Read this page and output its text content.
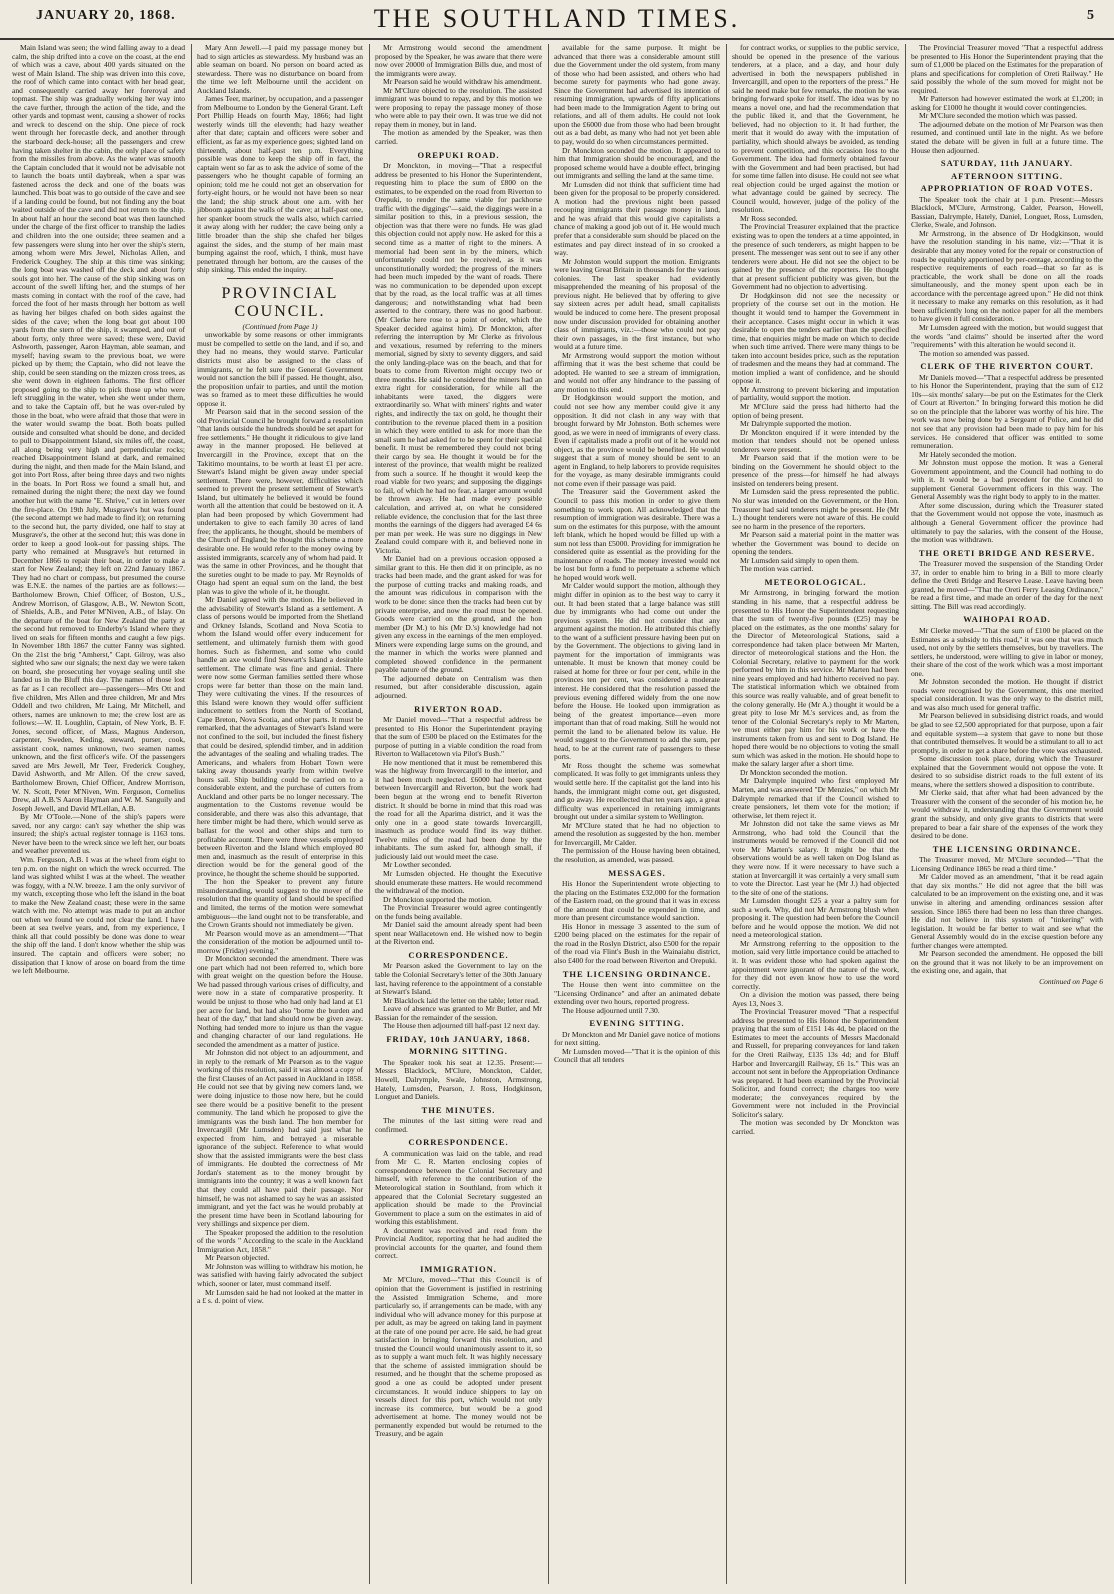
JANUARY 20, 1868.	THE SOUTHLAND TIMES.	5

Main Island was seen; the wind falling away to a dead calm, the ship drifted into a cove on the coast, at the end of which was a cave, about 400 yards situated on the west of Main Island. The ship was driven into this cove, the roof of which came into contact with her head gear, and consequently carried away her foreroyal and topmast. The ship was gradually working her way into the cave further, through the action of the tide, and the other yards and topmast went, causing a shower of rocks and wreck to descend on the ship. One piece of rock went through her forecastle deck, and another through the starboard deck-house; all the passengers and crew having taken shelter in the cabin, the only place of safety from the missiles from above. As the water was smooth the Captain concluded that it would not be advisable not to launch the boats until daybreak, when a spar was fastened across the deck and one of the boats was launched. This boat was to go outside of the cave and see if a landing could be found, but not finding any the boat waited outside of the cave and did not return to the ship. In about half an hour the second boat was then launched under the charge of the first officer to tranship the ladies and children into the one outside; three seamen and a few passengers were slung into her over the ship's stern, among whom were Mrs Jewel, Nicholas Allen, and Frederick Coughey. The ship at this time was sinking; the long boat was washed off the deck and about forty souls got into her. The cause of the ship sinking was on account of the swell lifting her, and the stumps of her masts coming in contact with the roof of the cave, had forced the foot of her masts through her bottom as well as having her bilges chafed on both sides against the sides of the cave; when the long boat got about 100 yards from the stern of the ship, it swamped, and out of about forty, only three were saved; these were, David Ashworth, passenger, Aaron Hayman, able seaman, and myself; having swam to the previous boat, we were picked up by them; the Captain, who did not leave the ship, could be seen standing on the mizzen cross trees, as she went down in eighteen fathoms. The first officer proposed going to the ship to pick those up who were left struggling in the water, when she went under them, and to take the Captain off, but he was over-ruled by those in the boat, who were afraid that those that were in the water would swamp the boat. Both boats pulled outside and consulted what should be done, and decided to pull to Disappointment Island, six miles off, the coast, all along being very high and perpendicular rocks; reached Disappointment Island at dark, and remained during the night, and then made for the Main Island, and got into Port Ross, after being three days and two nights in the boats. In Port Ross we found a small hut, and remained during the night there; the next day we found another hut with the name "E. Shrive," cut in letters over the fire-place. On 19th July, Musgrave's hut was found (the second attempt we had made to find it); on returning to the second hut, the party divided, one half to stay at Musgrave's, the other at the second hut; this was done in order to keep a good look-out for passing ships. The party who remained at Musgrave's hut returned in December 1866 to repair their boat, in order to make a start for New Zealand; they left on 22nd January 1867. They had no chart or compass, but presumed the course was E.N.E. the names of the parties are as follows:—Bartholomew Brown, Chief Officer, of Boston, U.S., Andrew Morrison, of Glasgow, A.B., W. Newton Scott, of Shields, A.B., and Peter M'Niven, A.B., of Islay. On the departure of the boat for New Zealand the party at the second hut removed to Enderby's Island where they lived on seals for fifteen months and caught a few pigs. In November 18th 1867 the cutter Fanny was sighted. On the 21st the brig "Amherst," Capt. Gilroy, was also sighted who saw our signals; the next day we were taken on board, she prosecuting her voyage sealing until she landed us in the Bluff this day. The names of those lost as far as I can recollect are—passengers—Mrs Ott and five children, Mrs Allen and three children, Mr and Mrs Oddell and two children, Mr Laing, Mr Mitchell, and others, names are unknown to me; the crew lost are as follows:—W. II. Loughlin, Captain, of New York, B. F. Jones, second officer, of Mass, Magnus Anderson, carpenter, Sweden, Keding, steward, purser, cook, assistant cook, names unknown, two seamen names unknown, and the first officer's wife. Of the passengers saved are Mrs Jewell, Mr Teer, Frederick Coughey, David Ashworth, and Mr Allen. Of the crew saved, Bartholomew Brown, Chief Officer, Andrew Morrison, W. N. Scott, Peter M'Niven, Wm. Ferguson, Cornelius Drew, all A.B.'S Aaron Hayman and W. M. Sanguily and Joseph Jewell, and David M'Lellan, A.B.

By Mr O'Toole.—None of the ship's papers were saved, nor any cargo: can't say whether the ship was insured; the ship's actual register tonnage is 1163 tons. Never have been to the wreck since we left her, our boats and weather prevented us.

Wm. Ferguson, A.B. I was at the wheel from eight to ten p.m. on the night on which the wreck occurred. The land was sighted whilst I was at the wheel. The weather was foggy, with a N.W. breeze. I am the only survivor of my watch, excepting those who left the island in the boat to make the New Zealand coast; these were in the same watch with me. No attempt was made to put an anchor out when we found we could not clear the land. I have been at sea twelve years, and, from my experience, I think all that could possibly be done was done to wear the ship off the land. I don't know whether the ship was insured. The captain and officers were sober; no dissipation that I know of arose on board from the time we left Melbourne.

Mary Ann Jewell.—I paid my passage money but had to sign articles as stewardess. My husband was an able seaman on board. No person on board acted as stewardess. There was no disturbance on board from the time we left Melbourne until the accident on Auckland Islands.

James Teer, mariner, by occupation, and a passenger from Melbourne to London by the General Grant. Left Port Phillip Heads on fourth May, 1866; had light westerly winds till the eleventh; had hazy weather after that date; captain and officers were sober and efficient, as far as my experience goes; sighted land on thirteenth, about half-past ten p.m. Everything possible was done to keep the ship off in fact, the captain went so far as to ask the advice of some of the passengers who he thought capable of forming an opinion; told me he could not get an observation for forty-eight hours, or he would not have been so near the land; the ship struck about one a.m. with her jibboom against the walls of the cave; at half-past one, her spanker boom struck the walls also, which carried it away along with her rudder; the cave being only a little broader than the ship she chafed her bilges against the sides, and the stump of her main mast bumping against the roof, which, I think, must have penetrated through her bottom, are the causes of the ship sinking. This ended the inquiry.

PROVINCIAL COUNCIL.

(Continued from Page 1)

unworkable by some reasons or other immigrants must be compelled to settle on the land, and if so, and they had no means, they would starve. Particular districts must also be assigned to the class of immigrants, or he felt sure the General Government would not sanction the bill if passed. He thought, also, the proposition unfair to parties, and until the motion was so framed as to meet these difficulties he would oppose it.

Mr Pearson said that in the second session of the old Provincial Council he brought forward a resolution "that lands outside the hundreds should be set apart for free settlements." He thought it ridiculous to give land away in the manner proposed. He believed at Invercargill in the Province, except that on the Takitimo mountains, to be worth at least £1 per acre. Stewart's Island might be given away under special settlement. There were, however, difficulties which seemed to prevent the present settlement of Stewart's Island, but ultimately he believed it would be found worth all the attention that could be bestowed on it. A plan had been proposed by which Government had undertaken to give to each family 30 acres of land free; the applicants, he thought, should be members of the Church of England; he thought this scheme a more desirable one. He would refer to the money owing by assisted immigrants, scarcely any of whom had paid. It was the same in other Provinces, and he thought that the sureties ought to be made to pay. Mr Reynolds of Otago had spent an equal sum on the land, the best plan was to give the whole of it, he thought.

Mr Daniel agreed with the motion. He believed in the advisability of Stewart's Island as a settlement. A class of persons would be imported from the Shetland and Orkney Islands, Scotland and Nova Scotia to whom the Island would offer every inducement for settlement, and ultimately furnish them with good homes. Such as fishermen, and some who could handle an axe would find Stewart's Island a desirable settlement. The climate was fine and genial. There were now some German families settled there whose crops were far better than those on the main land. They were cultivating the vines. If the resources of this Island were known they would offer sufficient inducement to settlers from the North of Scotland, Cape Breton, Nova Scotia, and other parts. It must be remarked, that the advantages of Stewart's Island were not confined to the soil, but included the finest fishery that could be desired, splendid timber, and in addition the advantages of the sealing and whaling trades. The Americans, and whalers from Hobart Town were taking away thousands yearly from within twelve hours sail. Ship building could be carried on to a considerable extent, and the purchase of cutters from Auckland and other parts be no longer necessary. The augmentation to the Customs revenue would be considerable, and there was also this advantage, that here timber might be had there, which would serve as ballast for the wool and other ships and turn to profitable account. There were three vessels employed between Riverton and the Island which employed 80 men and, inasmuch as the result of enterprise in this direction would be for the general good of the province, he thought the scheme should be supported.

The hon the Speaker to prevent any future misunderstanding, would suggest to the mover of the resolution that the quantity of land should be specified and limited, the terms of the motion were somewhat ambiguous—the land ought not to be transferable, and the Crown Grants should not immediately be given.

Mr Pearson would move as an amendment—"That the consideration of the motion be adjourned until to-morrow (Friday) evening."

Dr Monckton seconded the amendment. There was one part which had not been referred to, which bore with great weight on the question before the House. We had passed through various crises of difficulty, and were now in a state of comparative prosperity. It would be unjust to those who had only had land at £1 per acre for land, but had also "borne the burden and heat of the day," that land should now be given away. Nothing had tended more to injure us than the vague and changing character of our land regulations. He seconded the amendment as a matter of justice.

Mr Johnston did not object to an adjournment, and in reply to the remark of Mr Pearson as to the vague working of this resolution, said it was almost a copy of the first Clauses of an Act passed in Auckland in 1858. He could not see that by giving new comers land, we were doing injustice to those now here, but he could see there would be a positive benefit to the present community. The land which he proposed to give the immigrants was the bush land. The hon member for Invercargill (Mr Lumsden) had said just what he expected from him, and betrayed a miserable ignorance of the subject. Reference to what would show that the assisted immigrants were the best class of immigrants. He doubted the correctness of Mr Jordan's statement as to the money brought by immigrants into the country; it was a well known fact that they could all have paid their passage. Nor himself, he was not ashamed to say he was an assisted immigrant, and yet the fact was he would probably at the present time have been in Scotland labouring for very shillings and sixpence per diem.

The Speaker proposed the addition to the resolution of the words " According to the scale in the Auckland Immigration Act, 1858."

Mr Pearson objected.

Mr Johnston was willing to withdraw his motion, he was satisfied with having fairly advocated the subject which, sooner or later, must command itself.

Mr Lumsden said he had not looked at the matter in a £ s. d. point of view.

Mr Armstrong would second the amendment proposed by the Speaker, he was aware that there were now over 20000 of Immigration Bills due, and most of the immigrants were away.

Mr Pearson said he would withdraw his amendment.

Mr M'Clure objected to the resolution. The assisted immigrant was bound to repay, and by this motion we were proposing to repay the passage money of those who were able to pay their own. It was true we did not repay them in money, but in land.

The motion as amended by the Speaker, was then carried.

OREPUKI ROAD.

Dr Monckton, in moving—"That a respectful address be presented to his Honor the Superintendent, requesting him to place the sum of £800 on the estimates, to be expended on the road from Riverton to Orepuki, to render the same viable for packhorse traffic with the diggings"—said, the diggings were in a similar position to this, in a previous session, the objection was that there were no funds. He was glad this objection could not apply now. He asked for this a second time as a matter of right to the miners. A memorial had been sent in by the miners, which unfortunately could not be received, as it was unconstitutionally worded; the progress of the miners had been much impeded by the want of roads. There was no communication to be depended upon except that by the road, as the local traffic was at all times dangerous; and notwithstanding what had been asserted to the contrary, there was no good harbour. (Mr Clerke here rose to a point of order, which the Speaker decided against him). Dr Monckton, after referring the interruption by Mr Clerke as frivolous and vexatious, resumed by referring to the miners memorial, signed by sixty to seventy diggers, and said the only landing-place was on the beach, and that for boats to come from Riverton might occupy two or three months. He said he considered the miners had an extra right for consideration, for while all the inhabitants were taxed, the diggers were extraordinarily so. What with miners' rights and water rights, and indirectly the tax on gold, he thought their contribution to the revenue placed them in a position in which they were entitled to ask for more than the small sum he had asked for to be spent for their special benefit. It must be remembered they could not bring their cargo by sea. He thought it would be for the interest of the province, that wealth might be realized from such a source. If he thought it would keep the road viable for two years; and supposing the diggings to fail, of which he had no fear, a larger amount would be thrown away. He had made every possible calculation, and arrived at, on what he considered reliable evidence, the conclusion that for the last three months the earnings of the diggers had averaged £4 6s per man per week. He was sure no diggings in New Zealand could compare with it, and believed none in Victoria.

Mr Daniel had on a previous occasion opposed a similar grant to this. He then did it on principle, as no tracks had been made, and the grant asked for was for the purpose of cutting tracks and making roads, and the amount was ridiculous in comparison with the work to be done: since then the tracks had been cut by private enterprise, and now the road must be opened. Goods were carried on the ground, and the hon member (Dr M.) to his (Mr D.'s) knowledge had not given any excess in the earnings of the men employed. Miners were expending large sums on the ground, and the manner in which the works were planned and completed showed confidence in the permanent payable nature of the ground.

The adjourned debate on Centralism was then resumed, but after considerable discussion, again adjourned.

RIVERTON ROAD.

Mr Daniel moved—"That a respectful address be presented to His Honor the Superintendent praying that the sum of £500 be placed on the Estimates for the purpose of putting in a viable condition the road from Riverton to Wallacetown via Pilot's Bush."

He now mentioned that it must be remembered this was the highway from Invercargill to the interior, and it had been much neglected. £6000 had been spent between Invercargill and Riverton, but the work had been begun at the wrong end to benefit Riverton district. It should be borne in mind that this road was the road for all the Aparima district, and it was the only one in a good state towards Invercargill, inasmuch as produce would find its way thither. Twelve miles of the road had been done by the inhabitants. The sum asked for, although small, if judiciously laid out would meet the case.

Mr Lowther seconded.

Mr Lumsden objected. He thought the Executive should enumerate these matters. He would recommend the withdrawal of the motion.

Dr Monckton supported the motion.

The Provincial Treasurer would agree contingently on the funds being available.

Mr Daniel said the amount already spent had been spent near Wallacetown end. He wished now to begin at the Riverton end.

CORRESPONDENCE.

Mr Pearson asked the Government to lay on the table the Colonial Secretary's letter of the 30th January last, having reference to the appointment of a constable at Stewart's Island.

Mr Blacklock laid the letter on the table; letter read.

Leave of absence was granted to Mr Butler, and Mr Bassian for the remainder of the session.

The House then adjourned till half-past 12 next day.

FRIDAY, 10th JANUARY, 1868.

MORNING SITTING.

The Speaker took his seat at 12.35. Present:—Messrs Blacklock, M'Clure, Monckton, Calder, Howell, Dalrymple, Swale, Johnston, Armstrong, Hately, Lumsden, Pearson, J. Ross, Hodgkinson, Longuet and Daniels.

THE MINUTES.

The minutes of the last sitting were read and confirmed.

CORRESPONDENCE.

A communication was laid on the table, and read from Mr C. R. Marten enclosing copies of correspondence between the Colonial Secretary and himself, with reference to the contribution of the Meteorological station in Southland, from which it appeared that the Colonial Secretary suggested an application should be made to the Provincial Government to place a sum on the estimates in aid of working this establishment.

A document was received and read from the Provincial Auditor, reporting that he had audited the provincial accounts for the quarter, and found them correct.

IMMIGRATION.

Mr M'Clure, moved—"That this Council is of opinion that the Government is justified in restrining the Assisted Immigration Scheme, and more particularly so, if arrangements can be made, with any individual who will advance money for this purpose at per adult, as may be agreed on taking land in payment at the rate of one pound per acre. He said, he had great satisfaction in bringing forward this resolution, and trusted the Council would unanimously assent to it, so as to supply a want much felt. It was highly necessary that the scheme of assisted immigration should be resumed, and he thought that the scheme proposed as good a one as could be adopted under present circumstances. It would induce shippers to lay on vessels direct for this port, which would not only increase its commerce, but would be a good advertisement at home. The money would not be permanently expended but would be returned to the Treasury, and be again

available for the same purpose. It might be advanced that there was a considerable amount still due the Government under the old system, from many of those who had been assisted, and others who had become surety for payments who had gone away. Since the Government had advertised its intention of resuming immigration, upwards of fifty applications had been made to the Immigration Agent to bring out relations, and all of them adults. He could not look upon the £6000 due from those who had been brought out as a bad debt, as many who had not yet been able to pay, would do so when circumstances permitted.

Dr Monckton seconded the motion. It appeared to him that Immigration should be encouraged, and the proposed scheme would have a double effect, bringing out immigrants and selling the land at the same time.

Mr Lumsden did not think that sufficient time had been given for the proposal to be properly considered. A motion had the previous night been passed recouping immigrants their passage money in land, and he was afraid that this would give capitalists a chance of making a good job out of it. He would much prefer that a considerable sum should be placed on the estimates and pay direct instead of in so crooked a way.

Mr Johnston would support the motion. Emigrants were leaving Great Britain in thousands for the various colonies. The last speaker had evidently misapprehended the meaning of his proposal of the previous night. He believed that by offering to give say sixteen acres per adult head, small capitalists would be induced to come here. The present proposal now under discussion provided for obtaining another class of immigrants, viz.:—those who could not pay their own passages, in the first instance, but who would at a future time.

Mr Armstrong would support the motion without affirming that it was the best scheme that could be adopted. He wanted to see a stream of immigration, and would not offer any hindrance to the passing of any motion to this end.

Dr Hodgkinson would support the motion, and could not see how any member could give it any opposition. It did not clash in any way with that brought forward by Mr Johnston. Both schemes were good, as we were in need of immigrants of every class. Even if capitalists made a profit out of it he would not object, as the province would be benefited. He would suggest that a sum of money should be sent to an agent in England, to help laborers to provide requisites for the voyage, as many desirable immigrants could not come even if their passage was paid.

The Treasurer said the Government asked the Council to pass this motion in order to give them something to work upon. All acknowledged that the resumption of immigration was desirable. There was a sum on the estimates for this purpose, with the amount left blank, which he hoped would be filled up with a sum not less than £5000. Providing for immigration he considered quite as essential as the providing for the maintenance of roads. The money invested would not be lost but form a fund to perpetuate a scheme which he hoped would work well.

Mr Calder would support the motion, although they might differ in opinion as to the best way to carry it out. It had been stated that a large balance was still due by immigrants who had come out under the previous system. He did not consider that any argument against the motion. He attributed this chiefly to the want of a sufficient pressure having been put on by the Government. The objections to giving land in payment for the importation of immigrants was untenable. It must be known that money could be raised at home for three or four per cent, while in the provinces ten per cent, was considered a moderate interest. He considered that the resolution passed the previous evening differed widely from the one now before the House. He looked upon immigration as being of the greatest importance—even more important than that of road making. Still he would not permit the land to be alienated below its value. He would suggest to the Government to add the sum, per head, to be at the current rate of passengers to these ports.

Mr Ross thought the scheme was somewhat complicated. It was folly to get immigrants unless they would settle here. If the capitalist got the land into his hands, the immigrant might come out, get disgusted, and go away. He recollected that ten years ago, a great difficulty was experienced in retaining immigrants brought out under a similar system to Wellington.

Mr M'Clure stated that he had no objection to amend the resolution as suggested by the hon. member for Invercargill, Mr Calder.

The permission of the House having been obtained, the resolution, as amended, was passed.

MESSAGES.

His Honor the Superintendent wrote objecting to the placing on the Estimates £32,000 for the formation of the Eastern road, on the ground that it was in excess of the amount that could be expended in time, and more than present circumstance would sanction.

His Honor in message 3 assented to the sum of £200 being placed on the estimates for the repair of the road in the Roslyn District, also £500 for the repair of the road via Flint's Bush in the Wainaiahu district, also £400 for the road between Riverton and Orepuki.

THE LICENSING ORDINANCE.

The House then went into committee on the "Licensing Ordinance" and after an animated debate extending over two hours, reported progress.

The House adjourned until 7.30.

EVENING SITTING.

Dr Monckton and Mr Daniel gave notice of motions for next sitting.

Mr Lumsden moved—"That it is the opinion of this Council that all tenders

for contract works, or supplies to the public service, should be opened in the presence of the various tenderers, at a place, and a day, and hour duly advertised in both the newspapers published in Invercargill, and open to the reporters of the press." He said he need make but few remarks, the motion he was bringing forward spoke for itself. The idea was by no means a novel one, and had the recommendation that the public liked it, and that the Government, he believed, had no objection to it. It had further, the merit that it would do away with the imputation of partiality, which should always be avoided, as tending to prevent competition, and this occasion loss to the Government. The idea had formerly obtained favour with the Government and had been practised, but had for some time fallen into disuse. He could not see what real objection could be urged against the motion or what advantage could be gained by secrecy. The Council would, however, judge of the policy of the resolution.

Mr Ross seconded.

The Provincial Treasurer explained that the practice existing was to open the tenders at a time appointed, in the presence of such tenderers, as might happen to be present. The messenger was sent out to see if any other tenderers were about. He did not see the object to be gained by the presence of the reporters. He thought that at present sufficient publicity was given, but the Government had no objection to advertising.

Dr Hodgkinson did not see the necessity or propriety of the course set out in the motion. He thought it would tend to hamper the Government in their acceptance. Cases might occur in which it was desirable to open the tenders earlier than the specified time, that enquiries might be made on which to decide when such time arrived. There were many things to be taken into account besides price, such as the reputation of tradesmen and the means they had at command. The motion implied a want of confidence, and he should oppose it.

Mr Armstrong to prevent bickering and imputation of partiality, would support the motion.

Mr M'Clure said the press had hitherto had the option of being present.

Mr Dalrymple supported the motion.

Dr Monckton enquired if it were intended by the motion that tenders should not be opened unless tenderers were present.

Mr Pearson said that if the motion were to be binding on the Government he should object to the presence of the press—for himself he had always insisted on tenderers being present.

Mr Lumsden said the press represented the public. No slur was intended on the Government, or the Hon. Treasurer had said tenderers might be present. He (Mr L.) thought tenderers were not aware of this. He could see no harm in the presence of the reporters.

Mr Pearson said a material point in the matter was whether the Government was bound to decide on opening the tenders.

Mr Lumsden said simply to open them.

The motion was carried.

METEOROLOGICAL.

Mr Armstrong, in bringing forward the motion standing in his name, that a respectful address be presented to His Honor the Superintendent requesting that the sum of twenty-five pounds (£25) may be placed on the estimates, as the one months' salary for the Director of Meteorological Stations, said a correspondence had taken place between Mr Marten, director of meteorological stations and the Hon. the Colonial Secretary, relative to payment for the work performed by him in this service. Mr Marten had been nine years employed and had hitherto received no pay. The statistical information which we obtained from this source was really valuable, and of great benefit to the colony generally. He (Mr A.) thought it would be a great pity to lose Mr M.'s services and, as from the tenor of the Colonial Secretary's reply to Mr Marten, we must either pay him for his work or have the instruments taken from us and sent to Dog Island. He hoped there would be no objections to voting the small sum which was asked in the motion. He should hope to make the salary larger after a short time.

Dr Monckton seconded the motion.

Mr Dalrymple inquired who first employed Mr Marten, and was answered "Dr Menzies," on which Mr Dalrymple remarked that if the Council wished to create pensioners, let them vote for the motion; if otherwise, let them reject it.

Mr Johnston did not take the same views as Mr Armstrong, who had told the Council that the instruments would be removed if the Council did not vote Mr Marten's salary. It might be that the observations would be as well taken on Dog Island as they were now. If it were necessary to have such a station at Invercargill it was certainly a very small sum to vote the Director. Last year he (Mr J.) had objected to the site of one of the stations.

Mr Lumsden thought £25 a year a paltry sum for such a work. Why, did not Mr Armstrong blush when proposing it. The question had been before the Council before and he would oppose the motion. We did not need a meteorological station.

Mr Armstrong referring to the opposition to the motion, said very little importance could be attached to it. It was evident those who had spoken against the appointment were ignorant of the nature of the work, for they did not even know how to use the word correctly.

On a division the motion was passed, there being Ayes 13, Noes 3.

The Provincial Treasurer moved "That a respectful address be presented to His Honor the Superintendent praying that the sum of £151 14s 4d, be placed on the Estimates to meet the accounts of Messrs Macdonald and Russell, for preparing conveyances for land taken for the Oreti Railway, £135 13s 4d; and for Bluff Harbor and Invercargill Railway, £6 1s." This was an account not sent in before the Appropriation Ordinance was prepared. It had been examined by the Provincial Solicitor, and found correct; the charges too were moderate; the conveyances required by the Government were not included in the Provincial Solicitor's salary.

The motion was seconded by Dr Monckton was carried.

The Provincial Treasurer moved "That a respectful address be presented to His Honor the Superintendent praying that the sum of £1,000 be placed on the Estimates for the preparation of plans and specifications for completion of Oreti Railway." He said possibly the whole of the sum moved for might not be required.

Mr Patterson had however estimated the work at £1,200; in asking for £1000 he thought it would cover contingencies.

Mr M'Clure seconded the motion which was passed.

The adjourned debate on the motion of Mr Pearson was then resumed, and continued until late in the night. As we before stated the debate will be given in full at a future time. The House then adjourned.

SATURDAY, 11th JANUARY.

AFTERNOON SITTING.

APPROPRIATION OF ROAD VOTES.

The Speaker took the chair at 1 p.m. Present:—Messrs Blacklock, M'Clure, Armstrong, Calder, Pearson, Howell, Bassian, Dalrymple, Hately, Daniel, Longuet, Ross, Lumsden, Clerke, Swale, and Johnson.

Mr Armstrong, in the absence of Dr Hodgkinson, would have the resolution standing in his name, viz:—"That it is desirable that any money voted for the repair or construction of roads be equitably apportioned by per-centage, according to the respective requirements of each road—that so far as is practicable, the work shall be done on all the roads simultaneously, and the money spent upon each be in accordance with the percentage agreed upon." He did not think it necessary to make any remarks on this resolution, as it had been sufficiently long on the notice paper for all the members to have given it full consideration.

Mr Lumsden agreed with the motion, but would suggest that the words "and claims" should be inserted after the word "requirements" with this alteration he would second it.

The motion so amended was passed.

CLERK OF THE RIVERTON COURT.

Mr Daniels moved—"That a respectful address be presented to his Honor the Superintendent, praying that the sum of £12 10s—six months' salary—be put on the Estimates for the Clerk of Court at Riverton." In bringing forward this motion he did so on the principle that the laborer was worthy of his hire. The work was now being done by a Sergeant of Police, and he did not see that any provision had been made to pay him for his services. He considered that officer was entitled to some remuneration.

Mr Hately seconded the motion.

Mr Johnston must oppose the motion. It was a General Government appointment, and the Council had nothing to do with it. It would be a bad precedent for the Council to supplement General Government officers in this way. The General Assembly was the right body to apply to in the matter.

After some discussion, during which the Treasurer stated that the Government would not oppose the vote, inasmuch as although a General Government officer the province had ultimately to pay the salaries, with the consent of the House, the motion was withdrawn.

THE ORETI BRIDGE AND RESERVE.

The Treasurer moved the suspension of the Standing Order 37, in order to enable him to bring in a Bill to more clearly define the Oreti Bridge and Reserve Lease. Leave having been granted, he moved—"That the Oreti Ferry Leasing Ordinance," be read a first time, and made an order of the day for the next sitting. The Bill was read accordingly.

WAIHOPAI ROAD.

Mr Clerke moved—"That the sum of £100 be placed on the Estimates as a subsidy to this road," it was one that was much used, not only by the settlers themselves, but by travellers. The settlers, he understood, were willing to give in labor or money, their share of the cost of the work which was a most important one.

Mr Johnston seconded the motion. He thought if district roads were recognised by the Government, this one merited special consideration. It was the only way to the district mill, and was also much used for general traffic.

Mr Pearson believed in subsidising district roads, and would be glad to see £2,500 appropriated for that purpose, upon a fair and equitable system—a system that gave to none but those that contributed themselves. It would be a stimulant to all to act promptly, in order to get a share before the vote was exhausted.

Some discussion took place, during which the Treasurer explained that the Government would not oppose the vote. It desired to so subsidise district roads to the full extent of its means, where the settlers showed a disposition to contribute.

Mr Clerke said, that after what had been advanced by the Treasurer with the consent of the seconder of his motion he, he would withdraw it, understanding that the Government would grant the subsidy, and only give grants to districts that were prepared to bear a fair share of the expenses of the work they desired to be done.

THE LICENSING ORDINANCE.

The Treasurer moved, Mr M'Clure seconded—"That the Licensing Ordinance 1865 be read a third time."

Mr Calder moved as an amendment, "that it be read again that day six months." He did not agree that the bill was calculated to be an improvement on the existing one, and it was unwise in altering and amending ordinances session after session. Since 1865 there had been no less than three changes. He did not believe in this system of "tinkering" with legislation. It would be far better to wait and see what the General Assembly would do in the excise question before any further changes were attempted.

Mr Pearson seconded the amendment. He opposed the bill on the ground that it was not likely to be an improvement on the existing one, and again, that

Continued on Page 6
